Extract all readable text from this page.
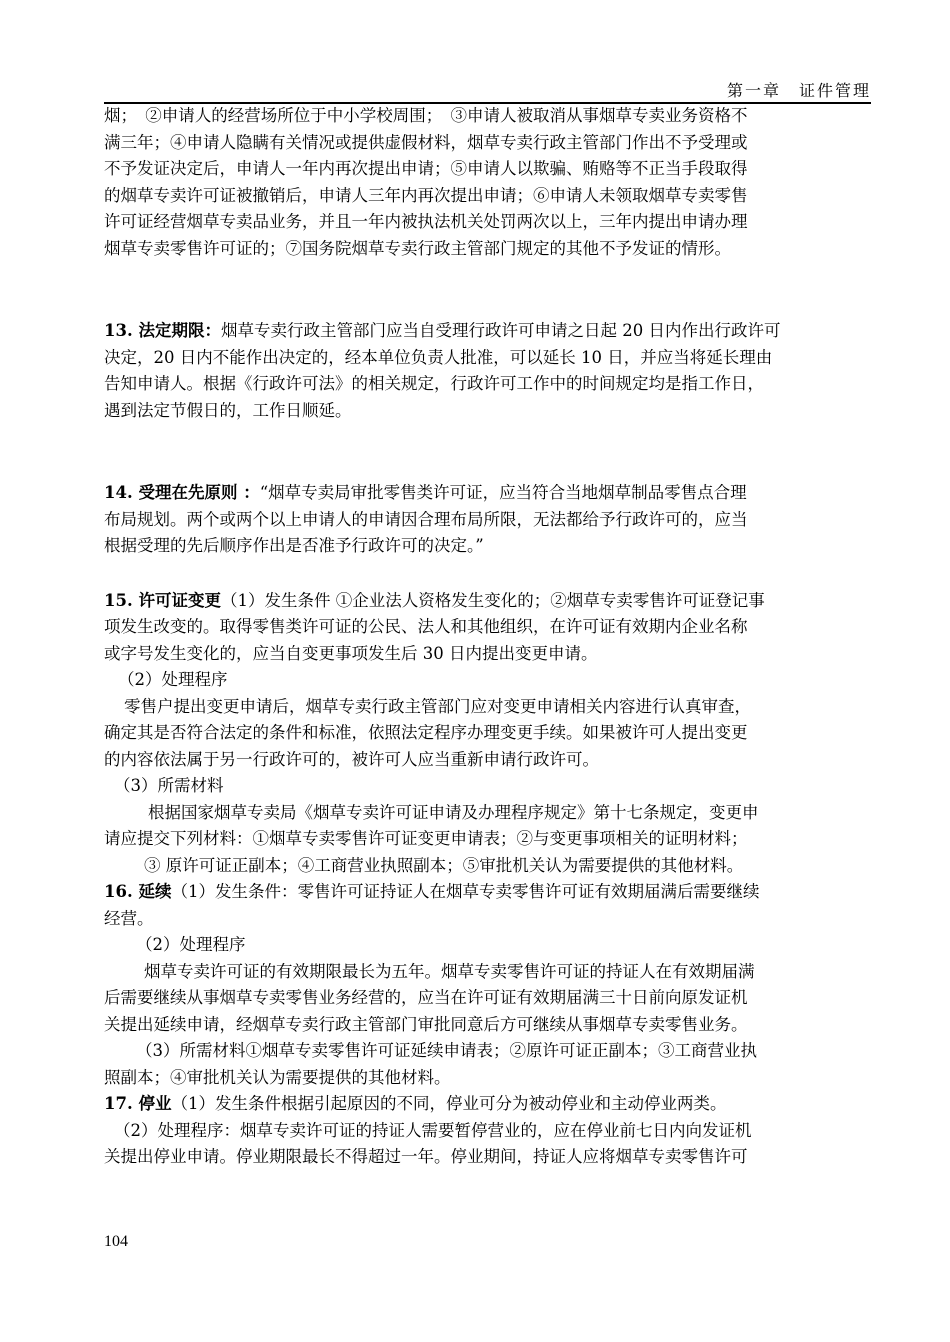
第一章　证件管理
烟；　②申请人的经营场所位于中小学校周围；　③申请人被取消从事烟草专卖业务资格不
满三年；④申请人隐瞒有关情况或提供虚假材料，烟草专卖行政主管部门作出不予受理或
不予发证决定后，申请人一年内再次提出申请；⑤申请人以欺骗、贿赂等不正当手段取得
的烟草专卖许可证被撤销后，申请人三年内再次提出申请；⑥申请人未领取烟草专卖零售
许可证经营烟草专卖品业务，并且一年内被执法机关处罚两次以上，三年内提出申请办理
烟草专卖零售许可证的；⑦国务院烟草专卖行政主管部门规定的其他不予发证的情形。
13. 法定期限：烟草专卖行政主管部门应当自受理行政许可申请之日起 20 日内作出行政许可
决定，20 日内不能作出决定的，经本单位负责人批准，可以延长 10 日，并应当将延长理由
告知申请人。根据《行政许可法》的相关规定，行政许可工作中的时间规定均是指工作日，
遇到法定节假日的，工作日顺延。
14. 受理在先原则 ：“烟草专卖局审批零售类许可证，应当符合当地烟草制品零售点合理
布局规划。两个或两个以上申请人的申请因合理布局所限，无法都给予行政许可的，应当
根据受理的先后顺序作出是否准予行政许可的决定。”
15. 许可证变更（1）发生条件 ①企业法人资格发生变化的；②烟草专卖零售许可证登记事
项发生改变的。取得零售类许可证的公民、法人和其他组织，在许可证有效期内企业名称
或字号发生变化的，应当自变更事项发生后 30 日内提出变更申请。
（2）处理程序
零售户提出变更申请后，烟草专卖行政主管部门应对变更申请相关内容进行认真审查，
确定其是否符合法定的条件和标准，依照法定程序办理变更手续。如果被许可人提出变更
的内容依法属于另一行政许可的，被许可人应当重新申请行政许可。
（3）所需材料
根据国家烟草专卖局《烟草专卖许可证申请及办理程序规定》第十七条规定，变更申
请应提交下列材料：①烟草专卖零售许可证变更申请表；②与变更事项相关的证明材料；
③ 原许可证正副本；④工商营业执照副本；⑤审批机关认为需要提供的其他材料。
16. 延续（1）发生条件：零售许可证持证人在烟草专卖零售许可证有效期届满后需要继续
经营。
（2）处理程序
烟草专卖许可证的有效期限最长为五年。烟草专卖零售许可证的持证人在有效期届满
后需要继续从事烟草专卖零售业务经营的，应当在许可证有效期届满三十日前向原发证机
关提出延续申请，经烟草专卖行政主管部门审批同意后方可继续从事烟草专卖零售业务。
（3）所需材料①烟草专卖零售许可证延续申请表；②原许可证正副本；③工商营业执
照副本；④审批机关认为需要提供的其他材料。
17. 停业（1）发生条件根据引起原因的不同，停业可分为被动停业和主动停业两类。
（2）处理程序：烟草专卖许可证的持证人需要暂停营业的，应在停业前七日内向发证机
关提出停业申请。停业期限最长不得超过一年。停业期间，持证人应将烟草专卖零售许可
104
